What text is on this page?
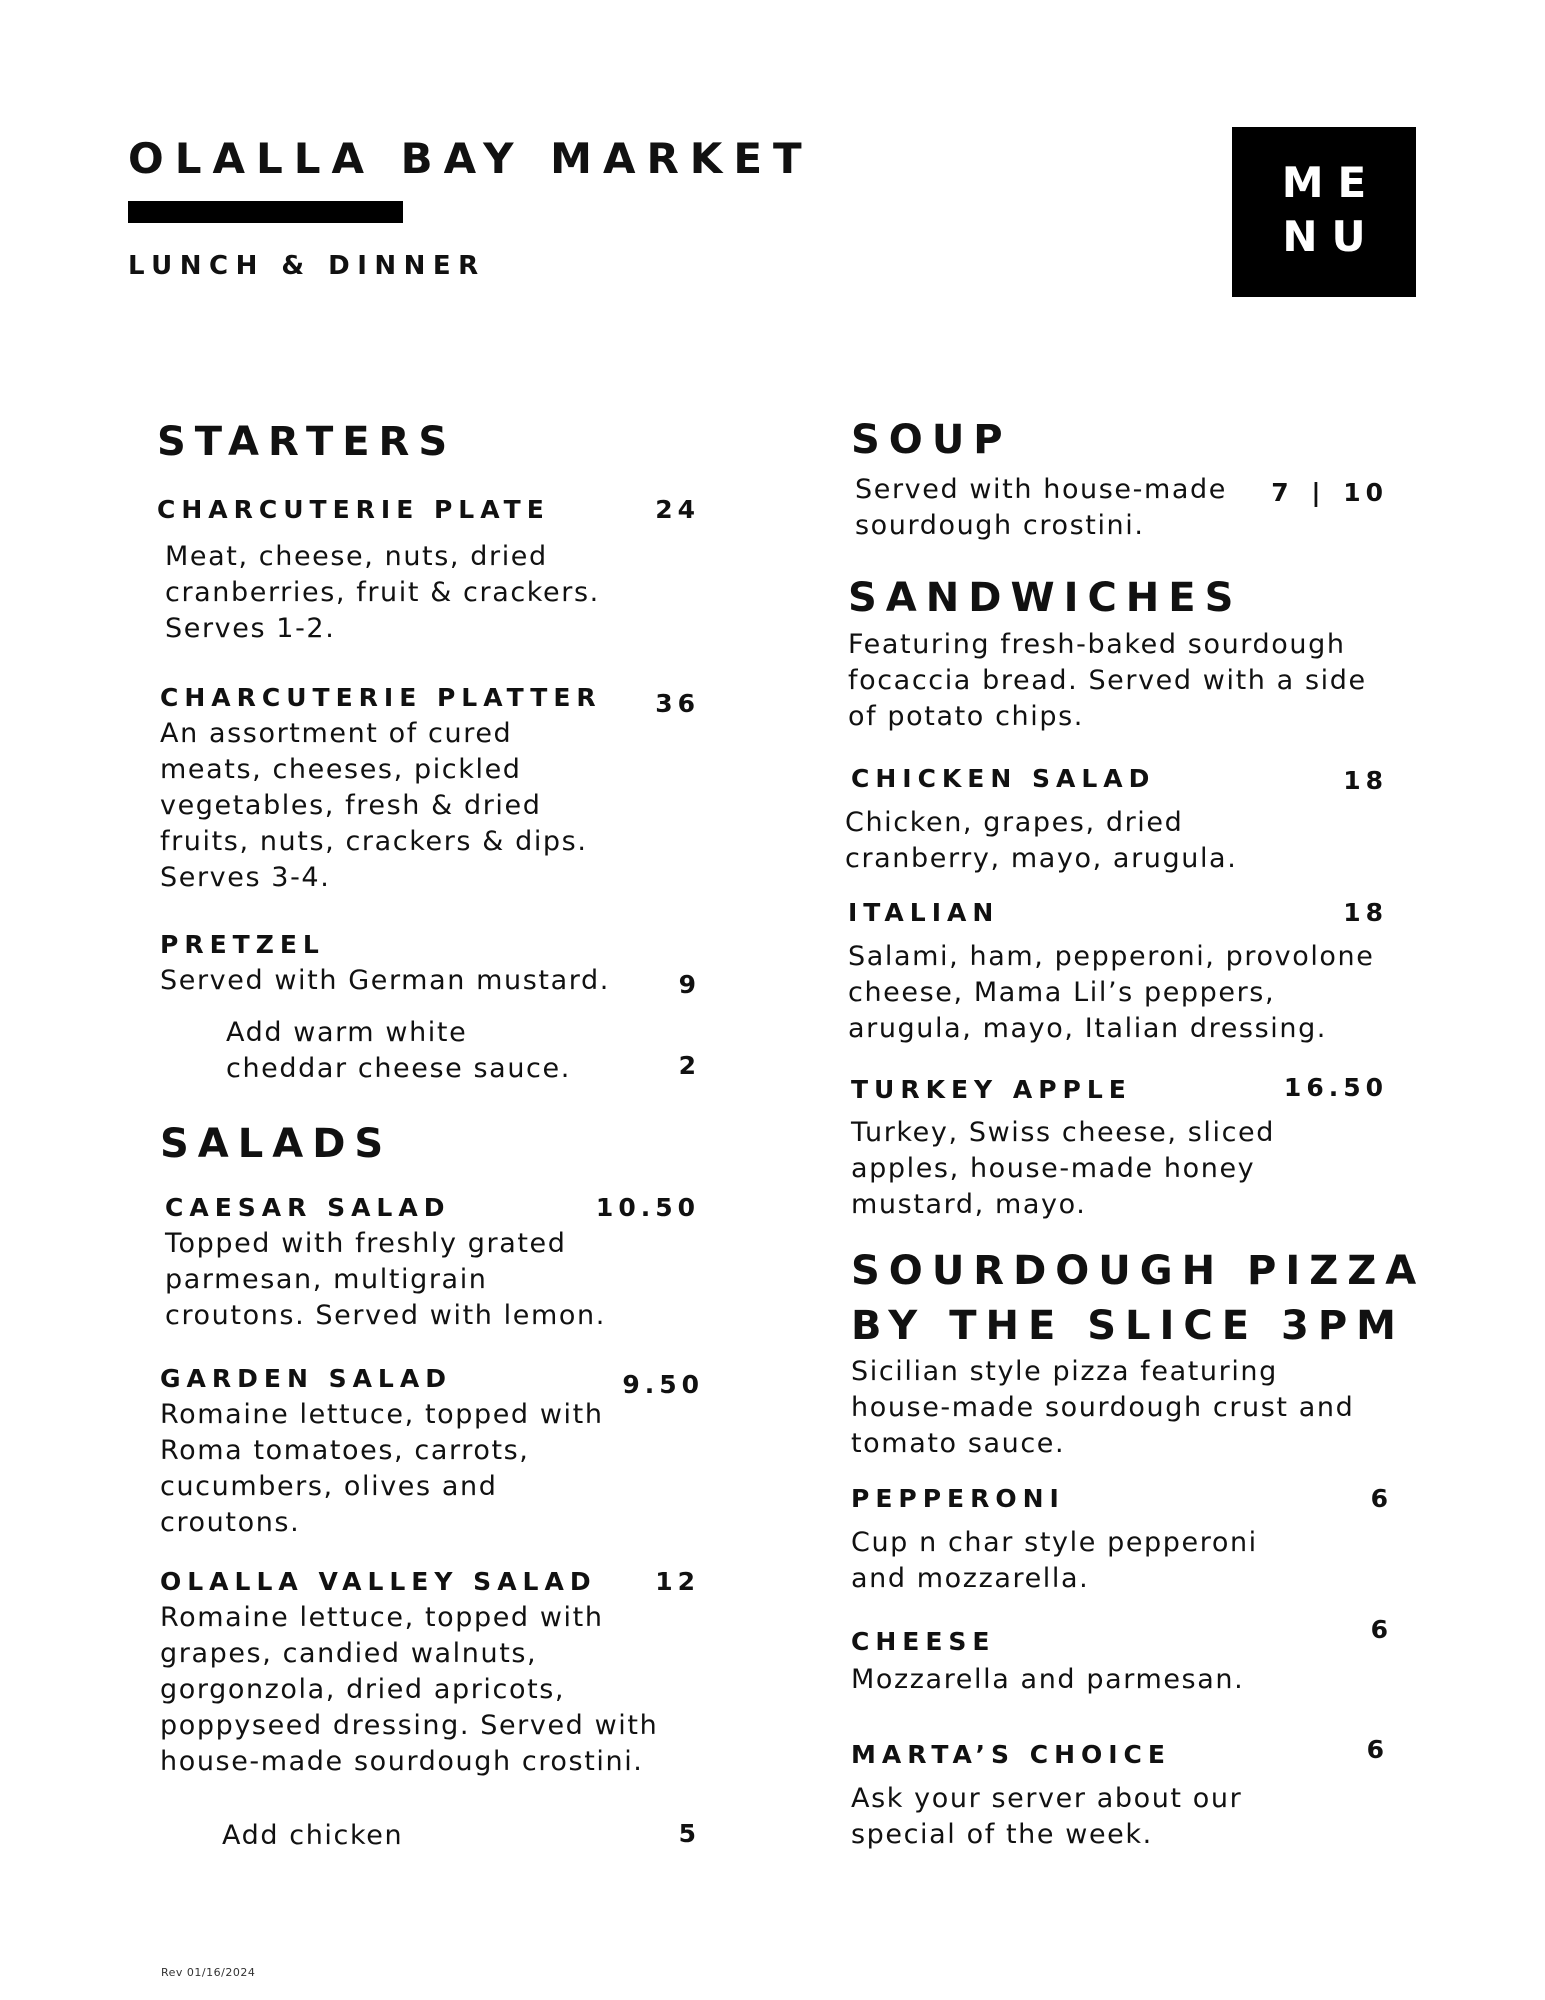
OLALLA BAY MARKET
LUNCH & DINNER
ME
NU
STARTERS
CHARCUTERIE PLATE	24
Meat, cheese, nuts, dried
cranberries, fruit & crackers.
Serves 1-2.
CHARCUTERIE PLATTER	36
An assortment of cured
meats, cheeses, pickled
vegetables, fresh & dried
fruits, nuts, crackers & dips.
Serves 3-4.
PRETZEL
Served with German mustard.	9
Add warm white
cheddar cheese sauce.	2
SALADS
CAESAR SALAD	10.50
Topped with freshly grated
parmesan, multigrain
croutons. Served with lemon.
GARDEN SALAD	9.50
Romaine lettuce, topped with
Roma tomatoes, carrots,
cucumbers, olives and
croutons.
OLALLA VALLEY SALAD	12
Romaine lettuce, topped with
grapes, candied walnuts,
gorgonzola, dried apricots,
poppyseed dressing. Served with
house-made sourdough crostini.
Add chicken	5
SOUP
Served with house-made
sourdough crostini.
7 | 10
SANDWICHES
Featuring fresh-baked sourdough
focaccia bread. Served with a side
of potato chips.
CHICKEN SALAD	18
Chicken, grapes, dried
cranberry, mayo, arugula.
ITALIAN	18
Salami, ham, pepperoni, provolone
cheese, Mama Lil’s peppers,
arugula, mayo, Italian dressing.
TURKEY APPLE	16.50
Turkey, Swiss cheese, sliced
apples, house-made honey
mustard, mayo.
SOURDOUGH PIZZA
BY THE SLICE 3PM
Sicilian style pizza featuring
house-made sourdough crust and
tomato sauce.
PEPPERONI	6
Cup n char style pepperoni
and mozzarella.
CHEESE	6
Mozzarella and parmesan.
MARTA’S CHOICE	6
Ask your server about our
special of the week.
Rev 01/16/2024
